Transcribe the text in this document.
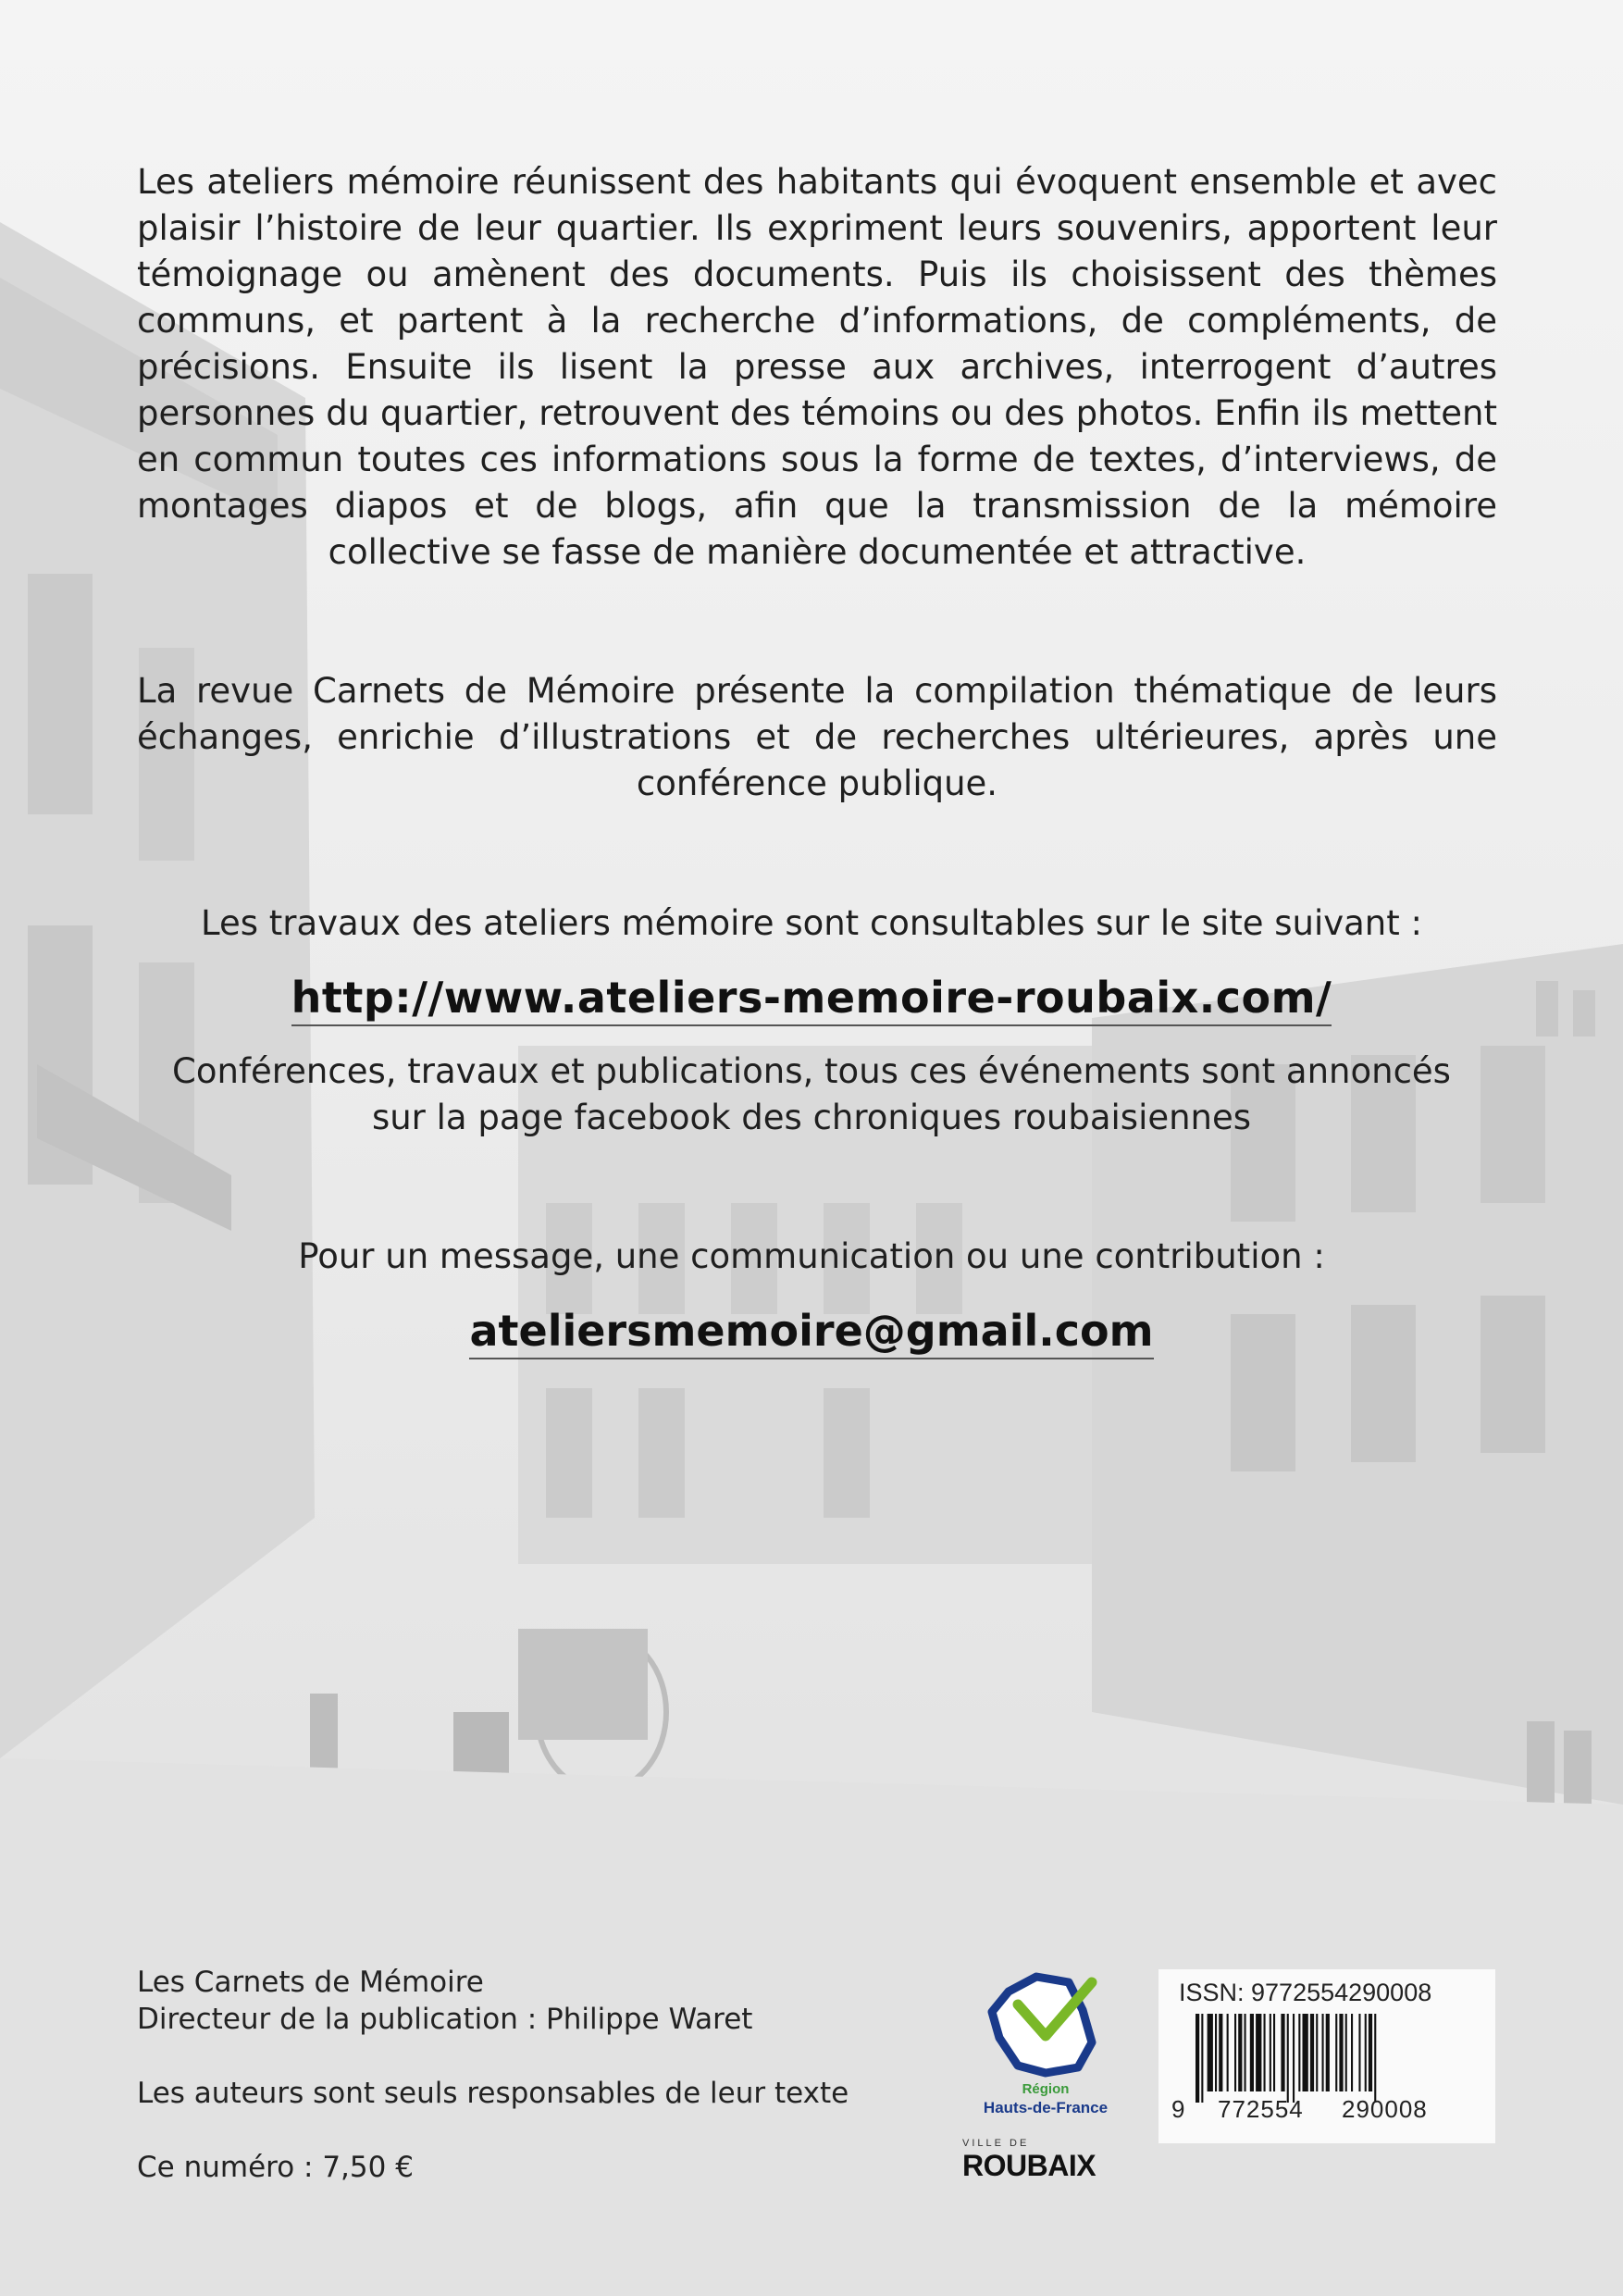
Les ateliers mémoire réunissent des habitants qui évoquent ensemble et avec plaisir l’histoire de leur quartier. Ils expriment leurs souvenirs, apportent leur témoignage ou amènent des documents. Puis ils choisissent des thèmes communs, et partent à la recherche d’informations, de compléments, de précisions. Ensuite ils lisent la presse aux archives, interrogent d’autres personnes du quartier, retrouvent des témoins ou des photos. Enfin ils mettent en commun toutes ces informations sous la forme de textes, d’interviews, de montages diapos et de blogs, afin que la transmission de la mémoire collective se fasse de manière documentée et attractive.
La revue Carnets de Mémoire présente la compilation thématique de leurs échanges, enrichie d’illustrations et de recherches ultérieures, après une conférence publique.
Les travaux des ateliers mémoire sont consultables sur le site suivant :
http://www.ateliers-memoire-roubaix.com/
Conférences, travaux et publications, tous ces événements sont annoncés
sur la page facebook des chroniques roubaisiennes
Pour un message, une communication ou une contribution :
ateliersmemoire@gmail.com
Les Carnets de Mémoire
Directeur de la publication : Philippe Waret
Les auteurs sont seuls responsables de leur texte
Ce numéro : 7,50 €
Région
Hauts-de-France
VILLE DE
ROUBAIX
ISSN: 9772554290008
9 772554 290008
